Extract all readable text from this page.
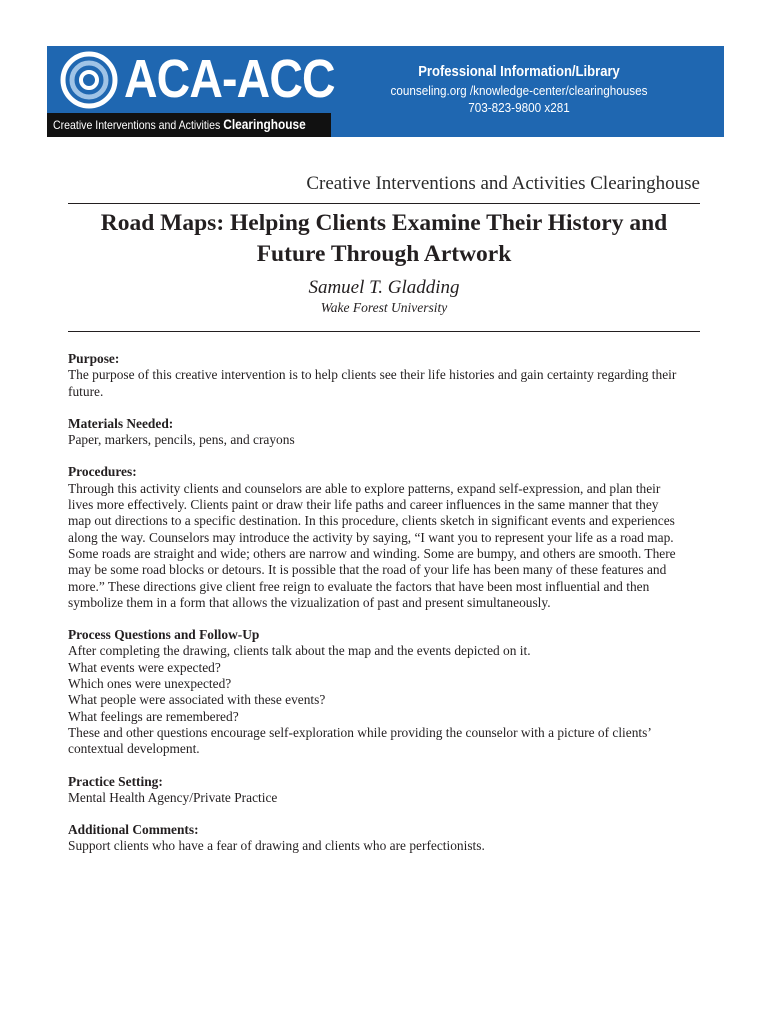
ACA-ACC
Creative Interventions and Activities Clearinghouse
Professional Information/Library
counseling.org /knowledge-center/clearinghouses
703-823-9800 x281
Creative Interventions and Activities Clearinghouse
Road Maps: Helping Clients Examine Their History and
Future Through Artwork
Samuel T. Gladding
Wake Forest University
Purpose:

The purpose of this creative intervention is to help clients see their life histories and gain certainty regarding their
future.

Materials Needed:

Paper, markers, pencils, pens, and crayons

Procedures:

Through this activity clients and counselors are able to explore patterns, expand self-expression, and plan their
lives more effectively. Clients paint or draw their life paths and career influences in the same manner that they
map out directions to a specific destination. In this procedure, clients sketch in significant events and experiences
along the way. Counselors may introduce the activity by saying, “I want you to represent your life as a road map.
Some roads are straight and wide; others are narrow and winding. Some are bumpy, and others are smooth. There
may be some road blocks or detours. It is possible that the road of your life has been many of these features and
more.” These directions give client free reign to evaluate the factors that have been most influential and then
symbolize them in a form that allows the vizualization of past and present simultaneously.

Process Questions and Follow-Up

After completing the drawing, clients talk about the map and the events depicted on it.
What events were expected?
Which ones were unexpected?
What people were associated with these events?
What feelings are remembered?
These and other questions encourage self-exploration while providing the counselor with a picture of clients’
contextual development.

Practice Setting:

Mental Health Agency/Private Practice

Additional Comments:

Support clients who have a fear of drawing and clients who are perfectionists.
